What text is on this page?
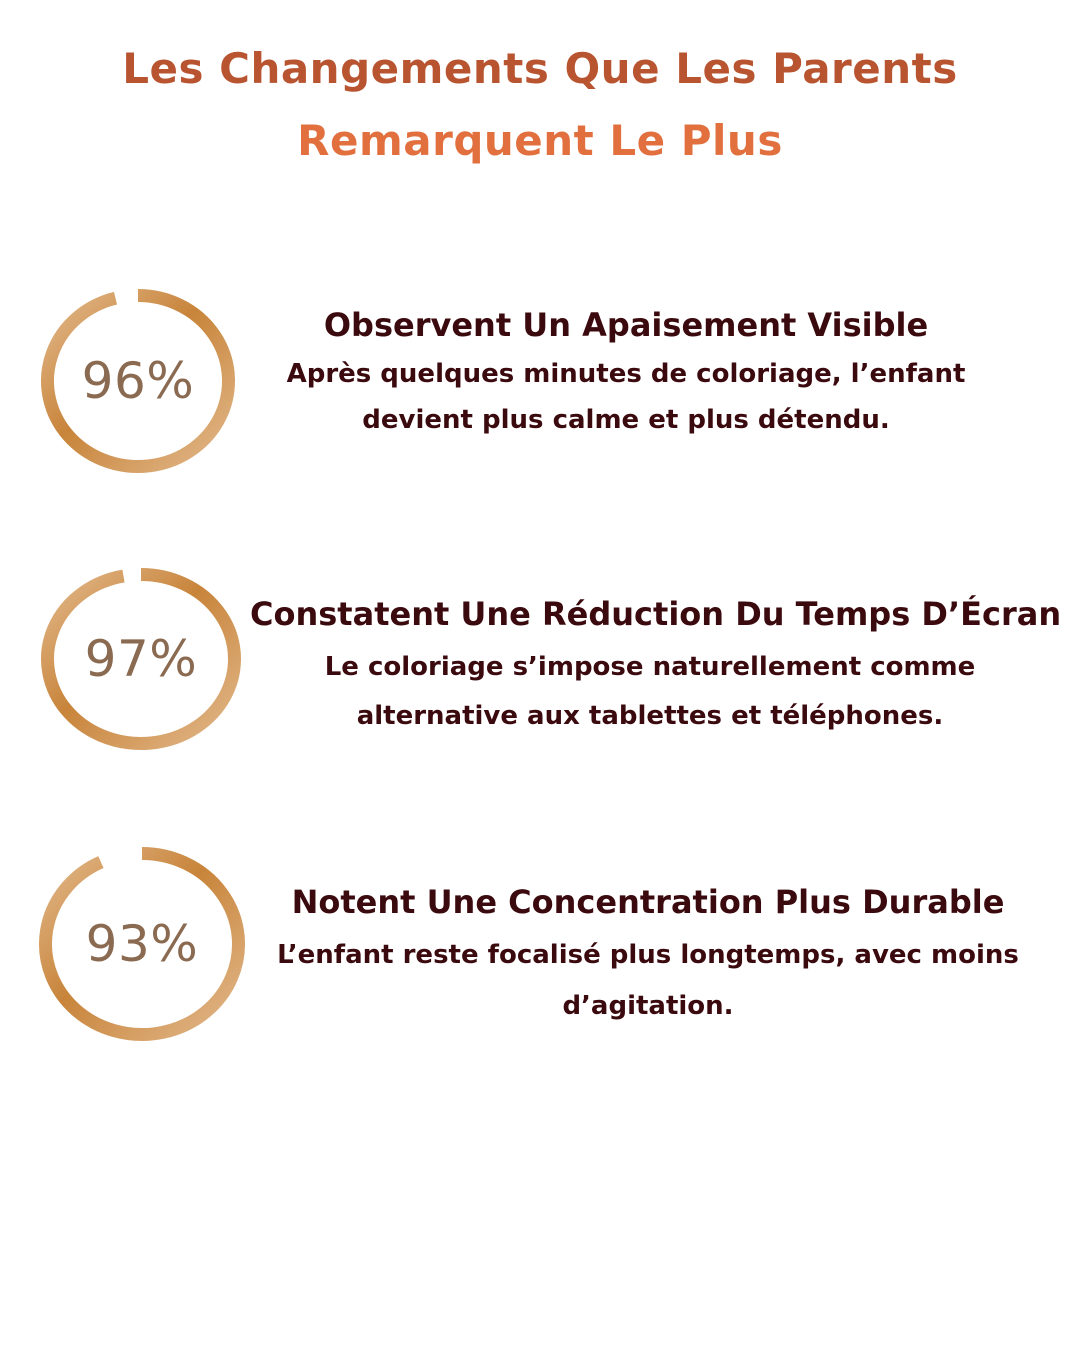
Les Changements Que Les Parents
Remarquent Le Plus
96%

Observent Un Apaisement Visible

Après quelques minutes de coloriage, l’enfant

devient plus calme et plus détendu.

97%

Constatent Une Réduction Du Temps D’Écran

Le coloriage s’impose naturellement comme

alternative aux tablettes et téléphones.

93%

Notent Une Concentration Plus Durable

L’enfant reste focalisé plus longtemps, avec moins

d’agitation.
